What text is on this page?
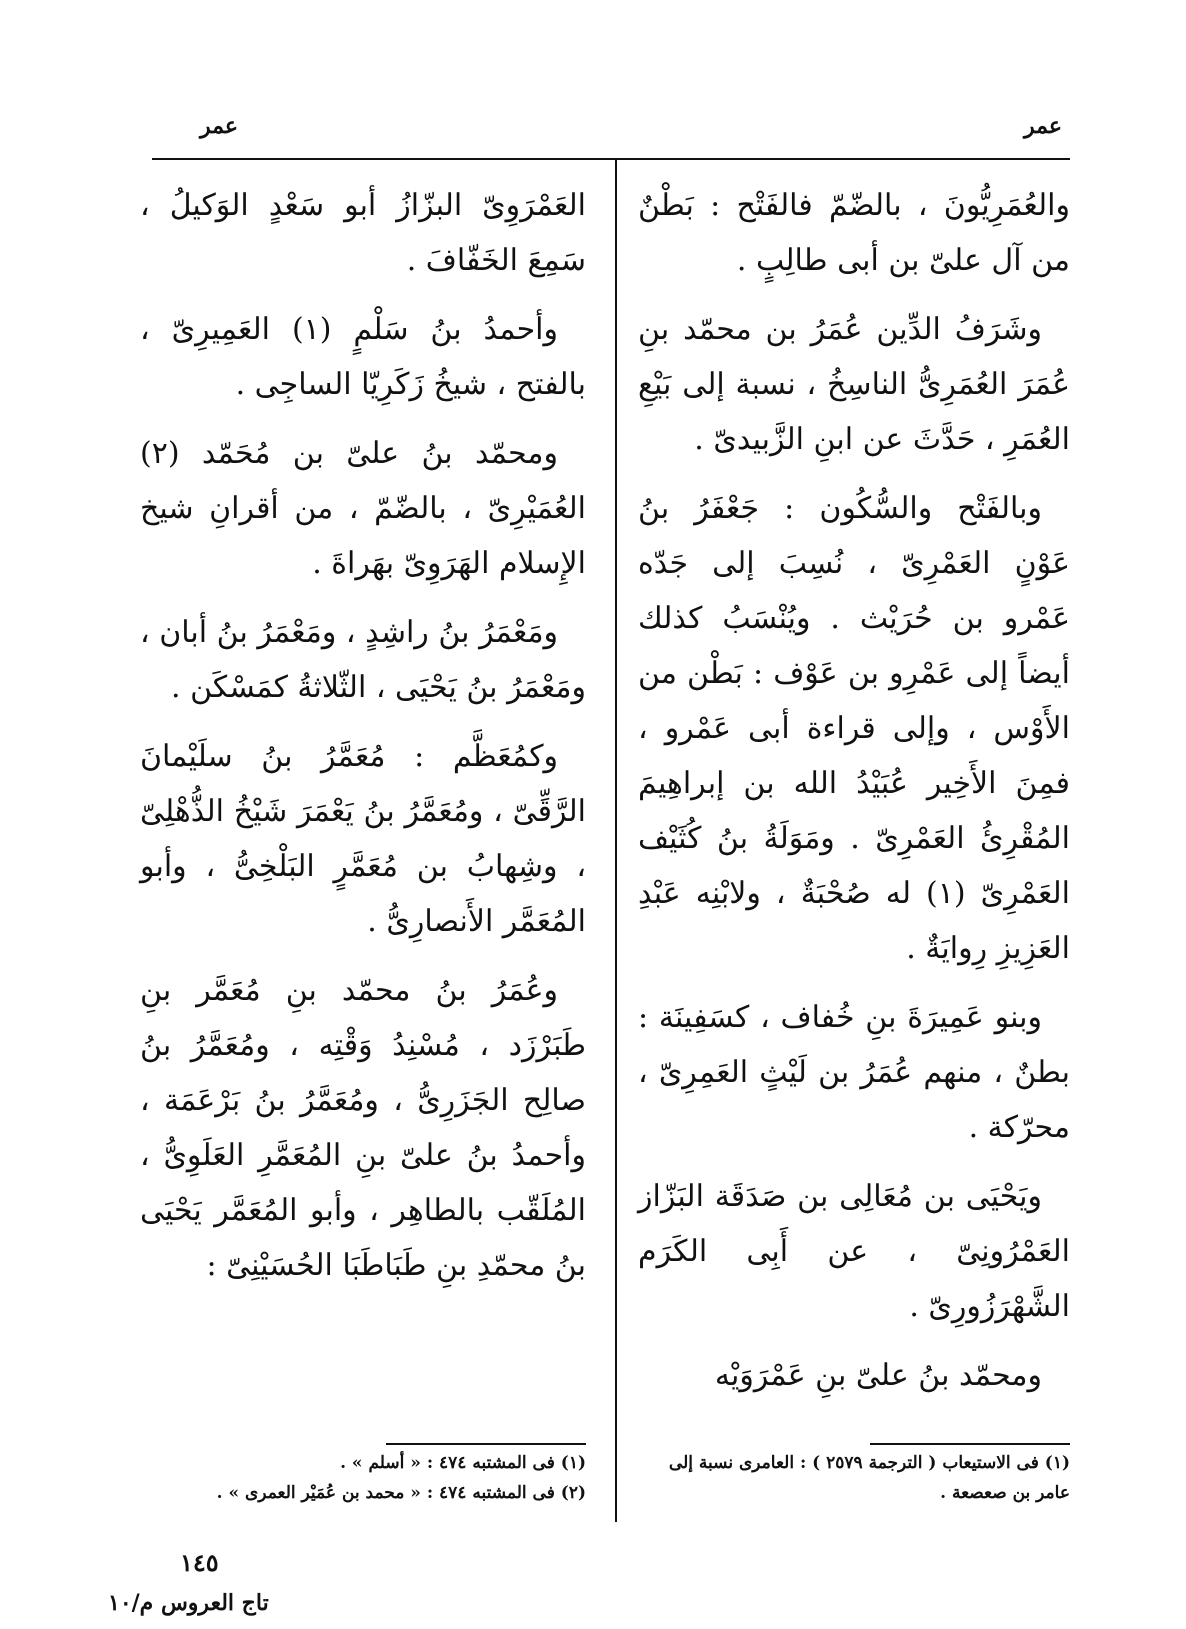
عمر
عمر

والعُمَرِيُّونَ ، بالضّمّ فالفَتْح : بَطْنٌ من آل علىّ بن أبى طالِبٍ .

وشَرَفُ الدِّين عُمَرُ بن محمّد بنِ عُمَرَ العُمَرِىُّ الناسِخُ ، نسبة إلى بَيْعِ العُمَرِ ، حَدَّثَ عن ابنِ الزَّبيدىّ .

وبالفَتْح والسُّكُون : جَعْفَرُ بنُ عَوْنٍ العَمْرِىّ ، نُسِبَ إلى جَدّه عَمْرو بن حُرَيْث . ويُنْسَبُ كذلك أيضاً إلى عَمْرِو بن عَوْف : بَطْن من الأَوْس ، وإلى قراءة أبى عَمْرو ، فمِنَ الأَخِير عُبَيْدُ الله بن إبراهِيمَ المُقْرِئُ العَمْرِىّ . ومَوَلَةُ بنُ كُثَيْف العَمْرِىّ (١) له صُحْبَةٌ ، ولابْنِه عَبْدِ العَزِيزِ رِوايَةٌ .

وبنو عَمِيرَةَ بنِ خُفاف ، كسَفِينَة : بطنٌ ، منهم عُمَرُ بن لَيْثٍ العَمِرِىّ ، محرّكة .

ويَحْيَى بن مُعَالِى بن صَدَقَة البَزّاز العَمْرُونِىّ ، عن أَبِى الكَرَم الشَّهْرَزُورِىّ .

ومحمّد بنُ علىّ بنِ عَمْرَوَيْه

العَمْرَوِىّ البزّازُ أبو سَعْدٍ الوَكيلُ ، سَمِعَ الخَفّافَ .

وأحمدُ بنُ سَلْمٍ (١) العَمِيرِىّ ، بالفتح ، شيخُ زَكَرِيّا الساجِى .

ومحمّد بنُ علىّ بن مُحَمّد (٢) العُمَيْرِىّ ، بالضّمّ ، من أقرانِ شيخ الإِسلام الهَرَوِىّ بهَراةَ .

ومَعْمَرُ بنُ راشِدٍ ، ومَعْمَرُ بنُ أبان ، ومَعْمَرُ بنُ يَحْيَى ، الثّلاثةُ كمَسْكَن .

وكمُعَظَّم : مُعَمَّرُ بنُ سلَيْمانَ الرَّقِّىّ ، ومُعَمَّرُ بنُ يَعْمَرَ شَيْخُ الذُّهْلِىّ ، وشِهابُ بن مُعَمَّرٍ البَلْخِىُّ ، وأبو المُعَمَّر الأَنصارِىُّ .

وعُمَرُ بنُ محمّد بنِ مُعَمَّر بنِ طَبَرْزَد ، مُسْنِدُ وَقْتِه ، ومُعَمَّرُ بنُ صالِح الجَزَرِىُّ ، ومُعَمَّرُ بنُ بَرْعَمَة ، وأحمدُ بنُ علىّ بنِ المُعَمَّرِ العَلَوِىُّ ، المُلَقّب بالطاهِر ، وأبو المُعَمَّر يَحْيَى بنُ محمّدِ بنِ طَبَاطَبَا الحُسَيْنِىّ :

(١) فى الاستيعاب ( الترجمة ٢٥٧٩ ) : العامرى نسبة إلى عامر بن صعصعة .
(١) فى المشتبه ٤٧٤ : « أسلم » .
(٢) فى المشتبه ٤٧٤ : « محمد بن عُمَيْر العمرى » .
١٤٥
تاج العروس م/١٠
